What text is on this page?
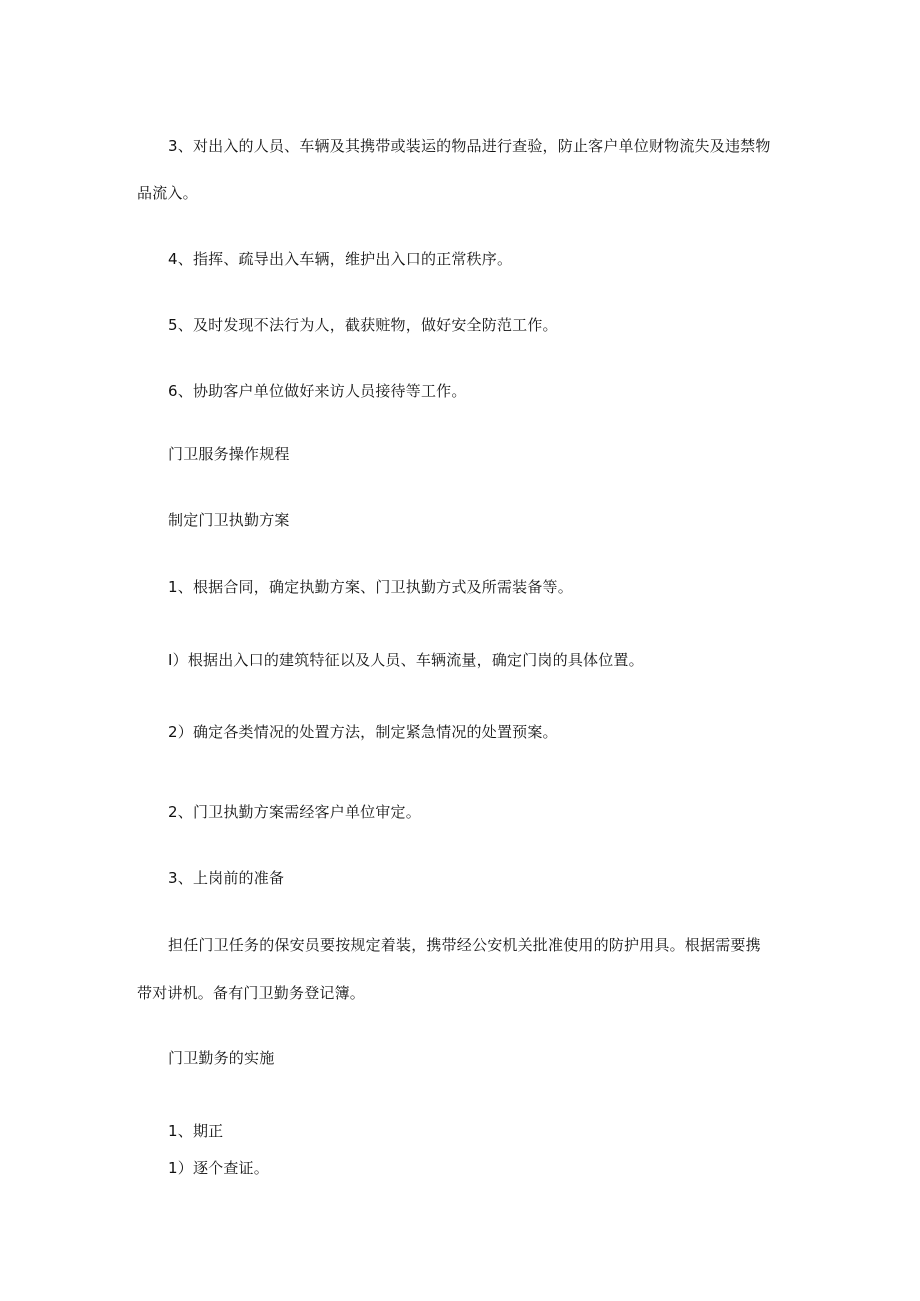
3、对出入的人员、车辆及其携带或装运的物品进行查验，防止客户单位财物流失及违禁物
品流入。
4、指挥、疏导出入车辆，维护出入口的正常秩序。
5、及时发现不法行为人，截获赃物，做好安全防范工作。
6、协助客户单位做好来访人员接待等工作。
门卫服务操作规程
制定门卫执勤方案
1、根据合同，确定执勤方案、门卫执勤方式及所需装备等。
I）根据出入口的建筑特征以及人员、车辆流量，确定门岗的具体位置。
2）确定各类情况的处置方法，制定紧急情况的处置预案。
2、门卫执勤方案需经客户单位审定。
3、上岗前的准备
担任门卫任务的保安员要按规定着装，携带经公安机关批准使用的防护用具。根据需要携
带对讲机。备有门卫勤务登记簿。
门卫勤务的实施
1、期正
1）逐个查证。
